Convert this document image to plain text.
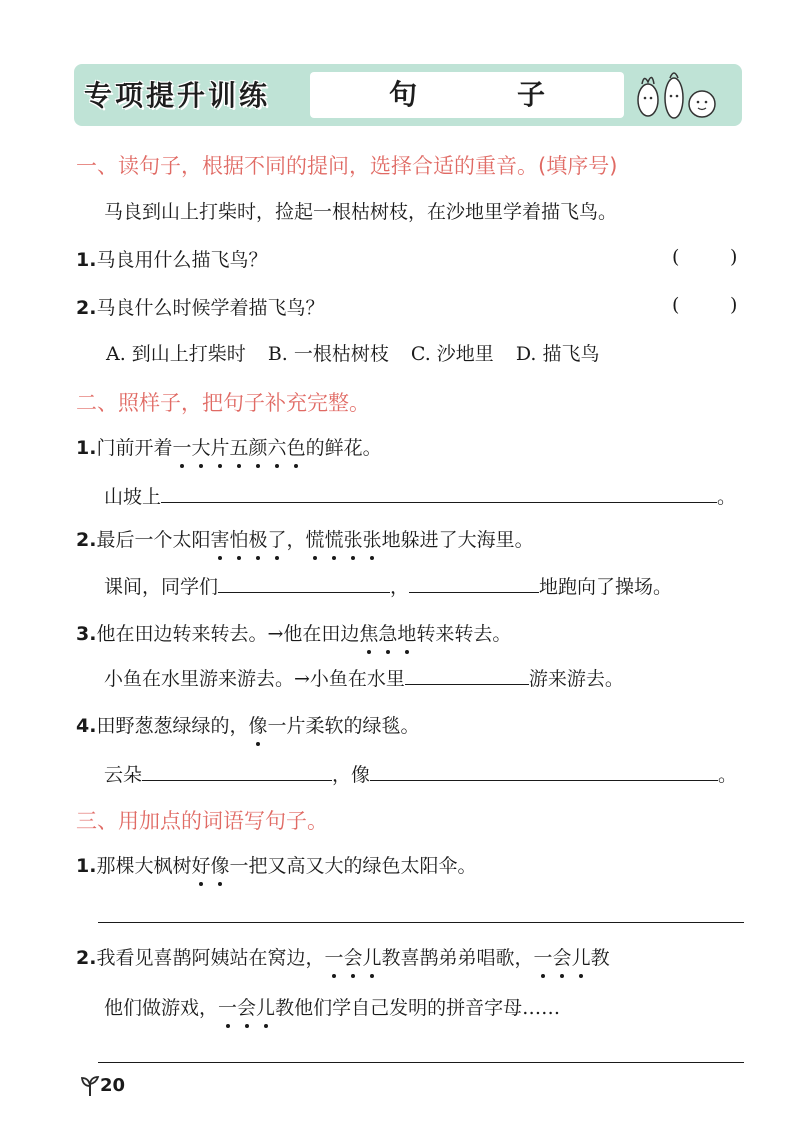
专项提升训练	句　子
一、读句子，根据不同的提问，选择合适的重音。(填序号)
马良到山上打柴时，捡起一根枯树枝，在沙地里学着描飞鸟。
1.马良用什么描飞鸟？	(	)
2.马良什么时候学着描飞鸟？	(	)
A. 到山上打柴时 B. 一根枯树枝 C. 沙地里 D. 描飞鸟
二、照样子，把句子补充完整。
1.门前开着一大片五颜六色的鲜花。
山坡上	。
2.最后一个太阳害怕极了，慌慌张张地躲进了大海里。
课间，同学们	，	地跑向了操场。
3.他在田边转来转去。→他在田边焦急地转来转去。
小鱼在水里游来游去。→小鱼在水里	游来游去。
4.田野葱葱绿绿的，像一片柔软的绿毯。
云朵	，像	。
三、用加点的词语写句子。
1.那棵大枫树好像一把又高又大的绿色太阳伞。
2.我看见喜鹊阿姨站在窝边，一会儿教喜鹊弟弟唱歌，一会儿教
他们做游戏，一会儿教他们学自己发明的拼音字母……
20
